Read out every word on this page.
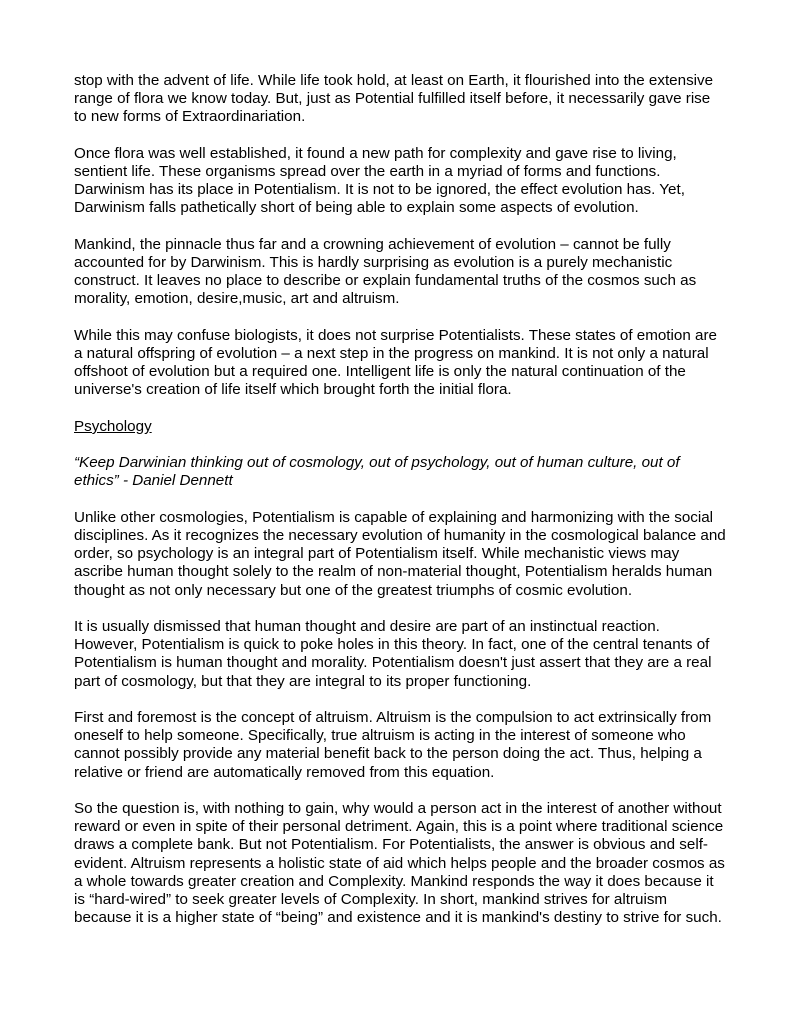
stop with the advent of life. While life took hold, at least on Earth, it flourished into the extensive range of flora we know today. But, just as Potential fulfilled itself before, it necessarily gave rise to new forms of Extraordinariation.

Once flora was well established, it found a new path for complexity and gave rise to living, sentient life. These organisms spread over the earth in a myriad of forms and functions. Darwinism has its place in Potentialism. It is not to be ignored, the effect evolution has. Yet, Darwinism falls pathetically short of being able to explain some aspects of evolution.

Mankind, the pinnacle thus far and a crowning achievement of evolution – cannot be fully accounted for by Darwinism. This is hardly surprising as evolution is a purely mechanistic construct. It leaves no place to describe or explain fundamental truths of the cosmos such as morality, emotion, desire,music, art and altruism.

While this may confuse biologists, it does not surprise Potentialists. These states of emotion are a natural offspring of evolution – a next step in the progress on mankind. It is not only a natural offshoot of evolution but a required one. Intelligent life is only the natural continuation of the universe's creation of life itself which brought forth the initial flora.

Psychology

“Keep Darwinian thinking out of cosmology, out of psychology, out of human culture, out of ethics” - Daniel Dennett

Unlike other cosmologies, Potentialism is capable of explaining and harmonizing with the social disciplines. As it recognizes the necessary evolution of humanity in the cosmological balance and order, so psychology is an integral part of Potentialism itself. While mechanistic views may ascribe human thought solely to the realm of non-material thought, Potentialism heralds human thought as not only necessary but one of the greatest triumphs of cosmic evolution.

It is usually dismissed that human thought and desire are part of an instinctual reaction. However, Potentialism is quick to poke holes in this theory. In fact, one of the central tenants of Potentialism is human thought and morality. Potentialism doesn't just assert that they are a real part of cosmology, but that they are integral to its proper functioning.

First and foremost is the concept of altruism. Altruism is the compulsion to act extrinsically from oneself to help someone. Specifically, true altruism is acting in the interest of someone who cannot possibly provide any material benefit back to the person doing the act. Thus, helping a relative or friend are automatically removed from this equation.

So the question is, with nothing to gain, why would a person act in the interest of another without reward or even in spite of their personal detriment. Again, this is a point where traditional science draws a complete bank. But not Potentialism. For Potentialists, the answer is obvious and self-evident. Altruism represents a holistic state of aid which helps people and the broader cosmos as a whole towards greater creation and Complexity. Mankind responds the way it does because it is “hard-wired” to seek greater levels of Complexity. In short, mankind strives for altruism because it is a higher state of “being” and existence and it is mankind's destiny to strive for such.
